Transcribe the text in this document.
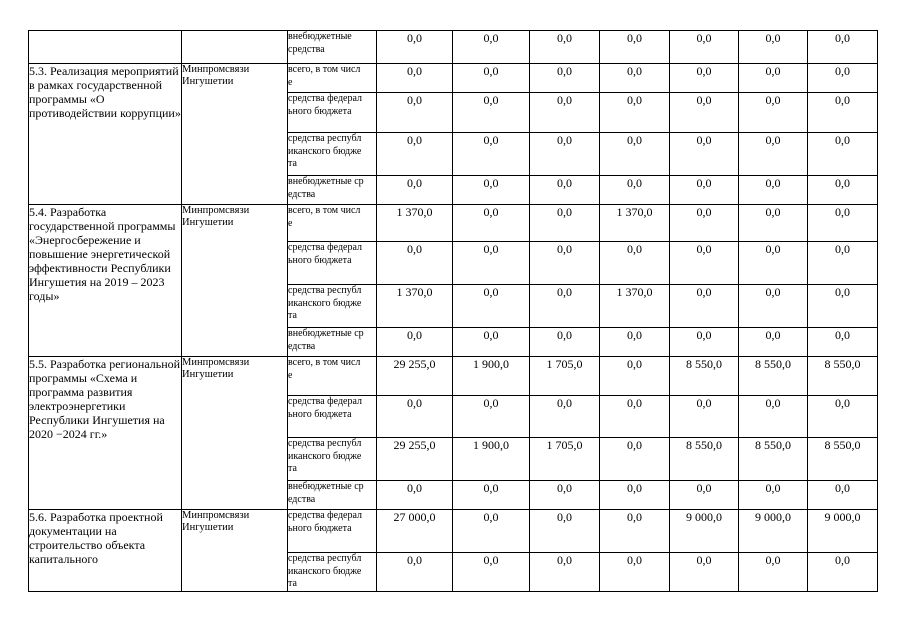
		внебюджетные средства	0,0	0,0	0,0	0,0	0,0	0,0	0,0
5.3. Реализация мероприятий в рамках государственной программы «О противодействии коррупции»	Минпромсвязи Ингушетии	всего, в том числе	0,0	0,0	0,0	0,0	0,0	0,0	0,0

		средства федерального бюджета	0,0	0,0	0,0	0,0	0,0	0,0	0,0

		средства республиканского бюджета	0,0	0,0	0,0	0,0	0,0	0,0	0,0

		внебюджетные средства	0,0	0,0	0,0	0,0	0,0	0,0	0,0
5.4. Разработка государственной программы «Энергосбережение и повышение энергетической эффективности Республики Ингушетия на 2019 – 2023 годы»	Минпромсвязи Ингушетии	всего, в том числе	1 370,0	0,0	0,0	1 370,0	0,0	0,0	0,0

		средства федерального бюджета	0,0	0,0	0,0	0,0	0,0	0,0	0,0

		средства республиканского бюджета	1 370,0	0,0	0,0	1 370,0	0,0	0,0	0,0

		внебюджетные средства	0,0	0,0	0,0	0,0	0,0	0,0	0,0
5.5. Разработка региональной программы «Схема и программа развития электроэнергетики Республики Ингушетия на 2020 −2024 гг.»	Минпромсвязи Ингушетии	всего, в том числе	29 255,0	1 900,0	1 705,0	0,0	8 550,0	8 550,0	8 550,0

		средства федерального бюджета	0,0	0,0	0,0	0,0	0,0	0,0	0,0

		средства республиканского бюджета	29 255,0	1 900,0	1 705,0	0,0	8 550,0	8 550,0	8 550,0

		внебюджетные средства	0,0	0,0	0,0	0,0	0,0	0,0	0,0
5.6. Разработка проектной документации на строительство объекта капитального	Минпромсвязи Ингушетии	средства федерального бюджета	27 000,0	0,0	0,0	0,0	9 000,0	9 000,0	9 000,0

		средства республиканского бюджета	0,0	0,0	0,0	0,0	0,0	0,0	0,0
